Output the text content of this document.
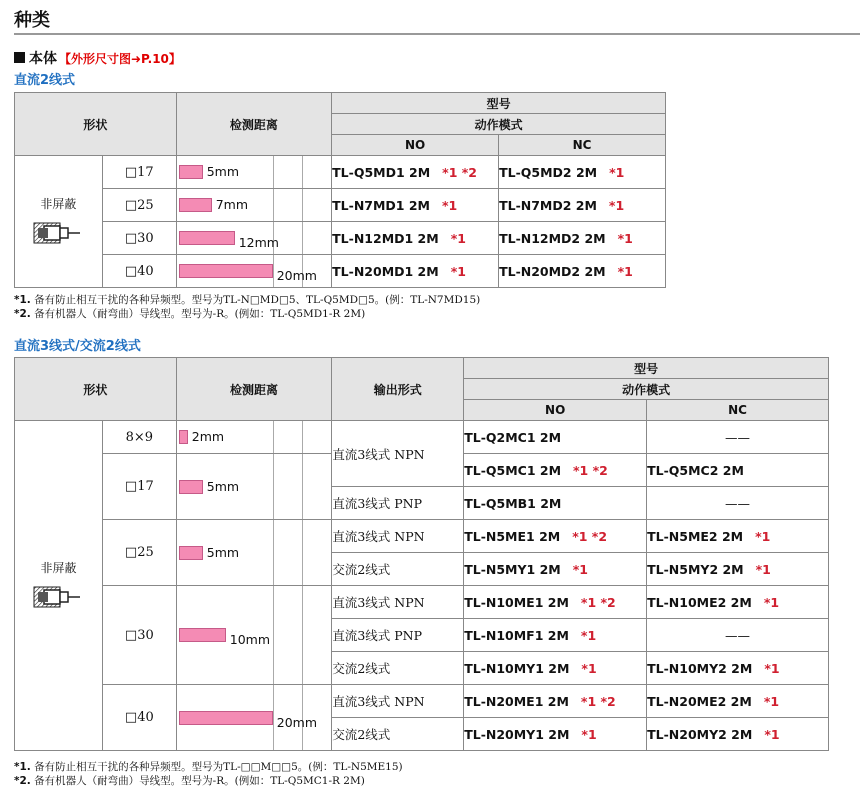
种类
本体 【外形尺寸图➜P.10】
直流2线式
形状		检测距离	型号	
			动作模式	
			NO	NC

非屏蔽	□17	5mm	TL-Q5MD1 2M *1 *2	TL-Q5MD2 2M *1
	□25	7mm	TL-N7MD1 2M *1	TL-N7MD2 2M *1
	□30	12mm	TL-N12MD1 2M *1	TL-N12MD2 2M *1
	□40	20mm	TL-N20MD1 2M *1	TL-N20MD2 2M *1
*1. 备有防止相互干扰的各种异频型。型号为TL-N□MD□5、TL-Q5MD□5。(例：TL-N7MD15)
*2. 备有机器人（耐弯曲）导线型。型号为-R。(例如：TL-Q5MD1-R 2M)
直流3线式/交流2线式
形状		检测距离	输出形式	型号	
				动作模式	
				NO	NC

非屏蔽	8×9	2mm	直流3线式 NPN	TL-Q2MC1 2M	——
	□17	5mm		TL-Q5MC1 2M *1 *2	TL-Q5MC2 2M
			直流3线式 PNP	TL-Q5MB1 2M	——
	□25	5mm	直流3线式 NPN	TL-N5ME1 2M *1 *2	TL-N5ME2 2M *1
			交流2线式	TL-N5MY1 2M *1	TL-N5MY2 2M *1
	□30	10mm	直流3线式 NPN	TL-N10ME1 2M *1 *2	TL-N10ME2 2M *1
			直流3线式 PNP	TL-N10MF1 2M *1	——
			交流2线式	TL-N10MY1 2M *1	TL-N10MY2 2M *1
	□40	20mm	直流3线式 NPN	TL-N20ME1 2M *1 *2	TL-N20ME2 2M *1
			交流2线式	TL-N20MY1 2M *1	TL-N20MY2 2M *1
*1. 备有防止相互干扰的各种异频型。型号为TL-□□M□□5。(例：TL-N5ME15)
*2. 备有机器人（耐弯曲）导线型。型号为-R。(例如：TL-Q5MC1-R 2M)
